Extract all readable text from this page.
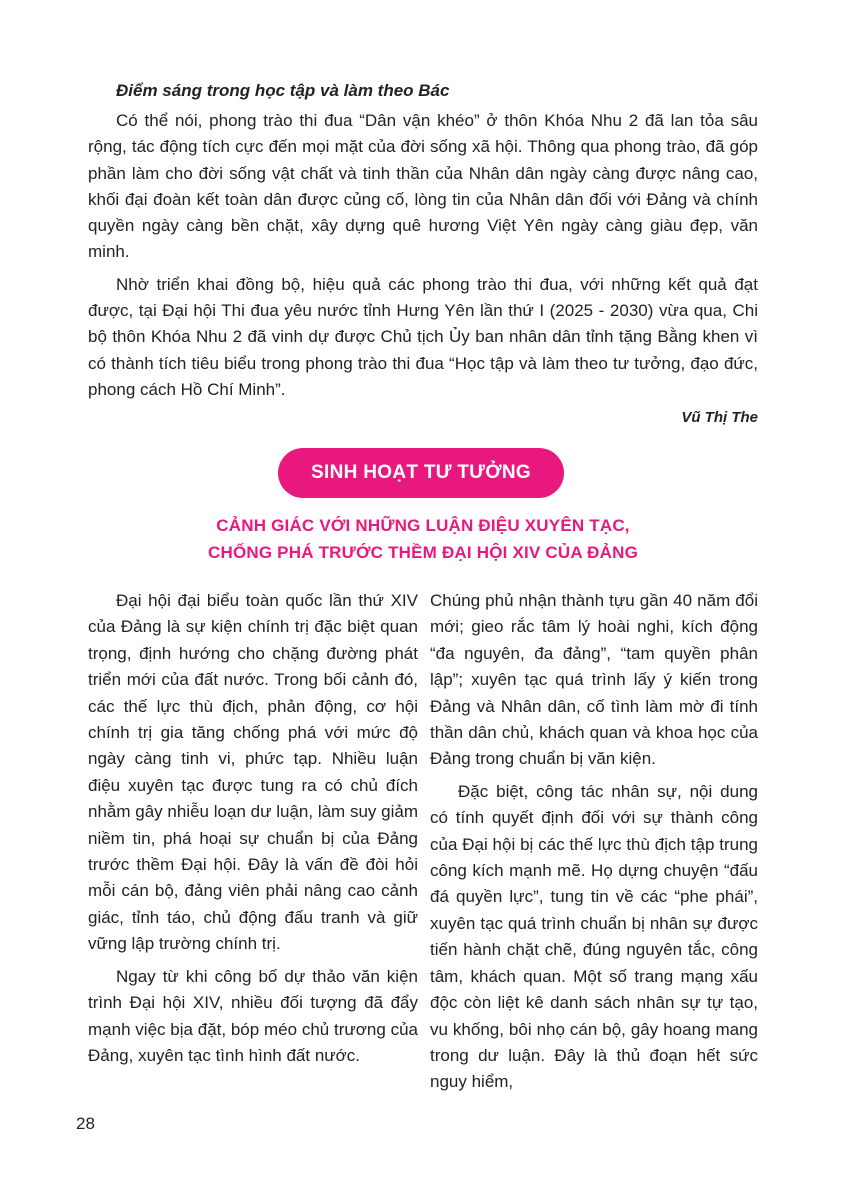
Điểm sáng trong học tập và làm theo Bác

Có thể nói, phong trào thi đua “Dân vận khéo” ở thôn Khóa Nhu 2 đã lan tỏa sâu rộng, tác động tích cực đến mọi mặt của đời sống xã hội. Thông qua phong trào, đã góp phần làm cho đời sống vật chất và tinh thần của Nhân dân ngày càng được nâng cao, khối đại đoàn kết toàn dân được củng cố, lòng tin của Nhân dân đối với Đảng và chính quyền ngày càng bền chặt, xây dựng quê hương Việt Yên ngày càng giàu đẹp, văn minh.

Nhờ triển khai đồng bộ, hiệu quả các phong trào thi đua, với những kết quả đạt được, tại Đại hội Thi đua yêu nước tỉnh Hưng Yên lần thứ I (2025 - 2030) vừa qua, Chi bộ thôn Khóa Nhu 2 đã vinh dự được Chủ tịch Ủy ban nhân dân tỉnh tặng Bằng khen vì có thành tích tiêu biểu trong phong trào thi đua “Học tập và làm theo tư tưởng, đạo đức, phong cách Hồ Chí Minh”.

Vũ Thị The
SINH HOẠT TƯ TƯỞNG
CẢNH GIÁC VỚI NHỮNG LUẬN ĐIỆU XUYÊN TẠC,
CHỐNG PHÁ TRƯỚC THỀM ĐẠI HỘI XIV CỦA ĐẢNG

Đại hội đại biểu toàn quốc lần thứ XIV của Đảng là sự kiện chính trị đặc biệt quan trọng, định hướng cho chặng đường phát triển mới của đất nước. Trong bối cảnh đó, các thế lực thù địch, phản động, cơ hội chính trị gia tăng chống phá với mức độ ngày càng tinh vi, phức tạp. Nhiều luận điệu xuyên tạc được tung ra có chủ đích nhằm gây nhiễu loạn dư luận, làm suy giảm niềm tin, phá hoại sự chuẩn bị của Đảng trước thềm Đại hội. Đây là vấn đề đòi hỏi mỗi cán bộ, đảng viên phải nâng cao cảnh giác, tỉnh táo, chủ động đấu tranh và giữ vững lập trường chính trị.

Ngay từ khi công bố dự thảo văn kiện trình Đại hội XIV, nhiều đối tượng đã đẩy mạnh việc bịa đặt, bóp méo chủ trương của Đảng, xuyên tạc tình hình đất nước.

Chúng phủ nhận thành tựu gần 40 năm đổi mới; gieo rắc tâm lý hoài nghi, kích động “đa nguyên, đa đảng”, “tam quyền phân lập”; xuyên tạc quá trình lấy ý kiến trong Đảng và Nhân dân, cố tình làm mờ đi tính thần dân chủ, khách quan và khoa học của Đảng trong chuẩn bị văn kiện.

Đặc biệt, công tác nhân sự, nội dung có tính quyết định đối với sự thành công của Đại hội bị các thế lực thù địch tập trung công kích mạnh mẽ. Họ dựng chuyện “đấu đá quyền lực”, tung tin về các “phe phái”, xuyên tạc quá trình chuẩn bị nhân sự được tiến hành chặt chẽ, đúng nguyên tắc, công tâm, khách quan. Một số trang mạng xấu độc còn liệt kê danh sách nhân sự tự tạo, vu khống, bôi nhọ cán bộ, gây hoang mang trong dư luận. Đây là thủ đoạn hết sức nguy hiểm,

28
